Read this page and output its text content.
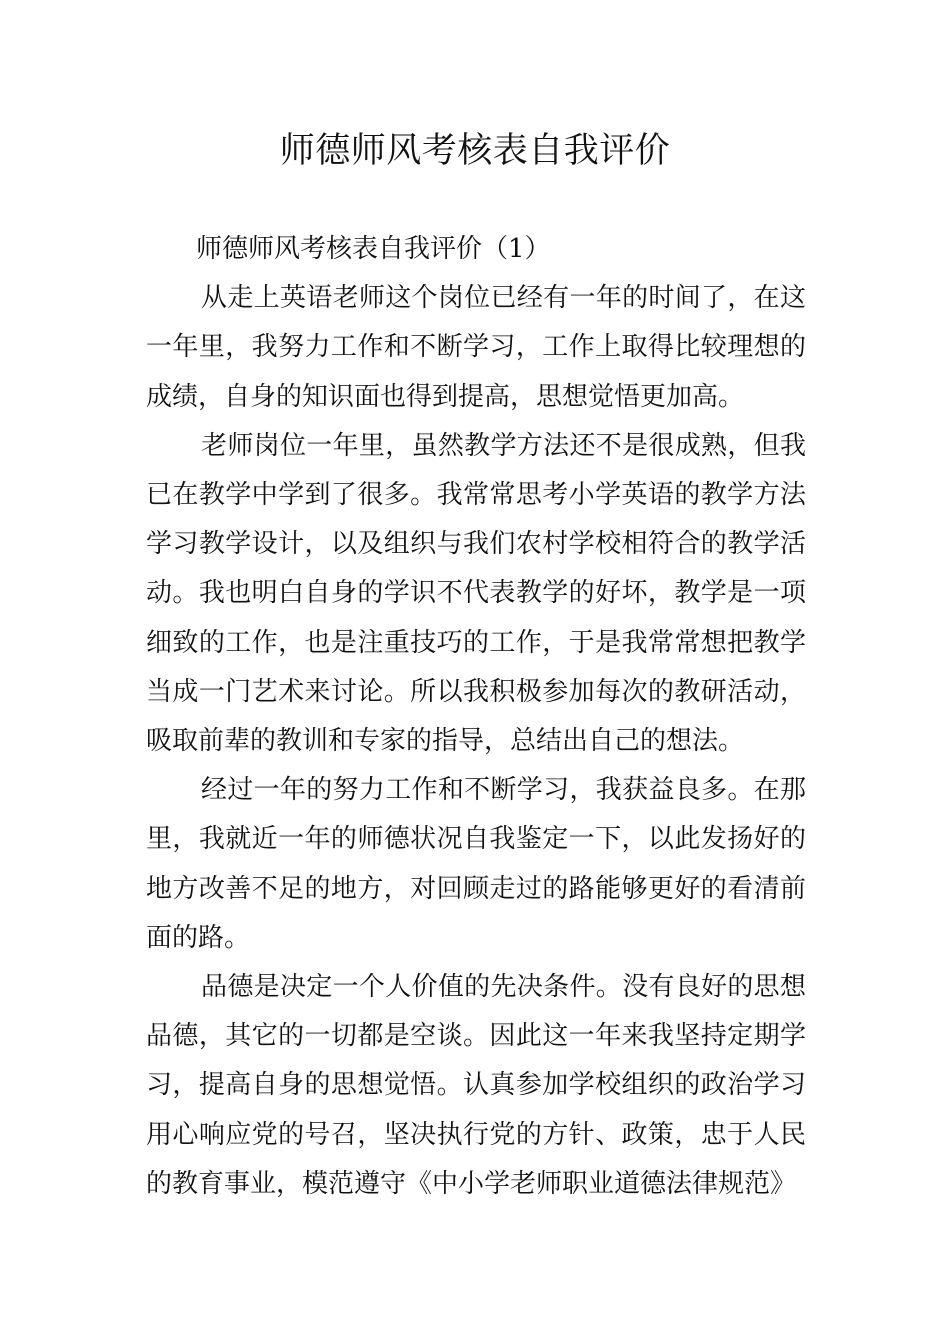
师德师风考核表自我评价

师德师风考核表自我评价（1）

从走上英语老师这个岗位已经有一年的时间了，在这一年里，我努力工作和不断学习，工作上取得比较理想的成绩，自身的知识面也得到提高，思想觉悟更加高。

老师岗位一年里，虽然教学方法还不是很成熟，但我已在教学中学到了很多。我常常思考小学英语的教学方法学习教学设计，以及组织与我们农村学校相符合的教学活动。我也明白自身的学识不代表教学的好坏，教学是一项细致的工作，也是注重技巧的工作，于是我常常想把教学当成一门艺术来讨论。所以我积极参加每次的教研活动，吸取前辈的教训和专家的指导，总结出自己的想法。

经过一年的努力工作和不断学习，我获益良多。在那里，我就近一年的师德状况自我鉴定一下，以此发扬好的地方改善不足的地方，对回顾走过的路能够更好的看清前面的路。

品德是决定一个人价值的先决条件。没有良好的思想品德，其它的一切都是空谈。因此这一年来我坚持定期学习，提高自身的思想觉悟。认真参加学校组织的政治学习用心响应党的号召，坚决执行党的方针、政策，忠于人民的教育事业，模范遵守《中小学老师职业道德法律规范》
